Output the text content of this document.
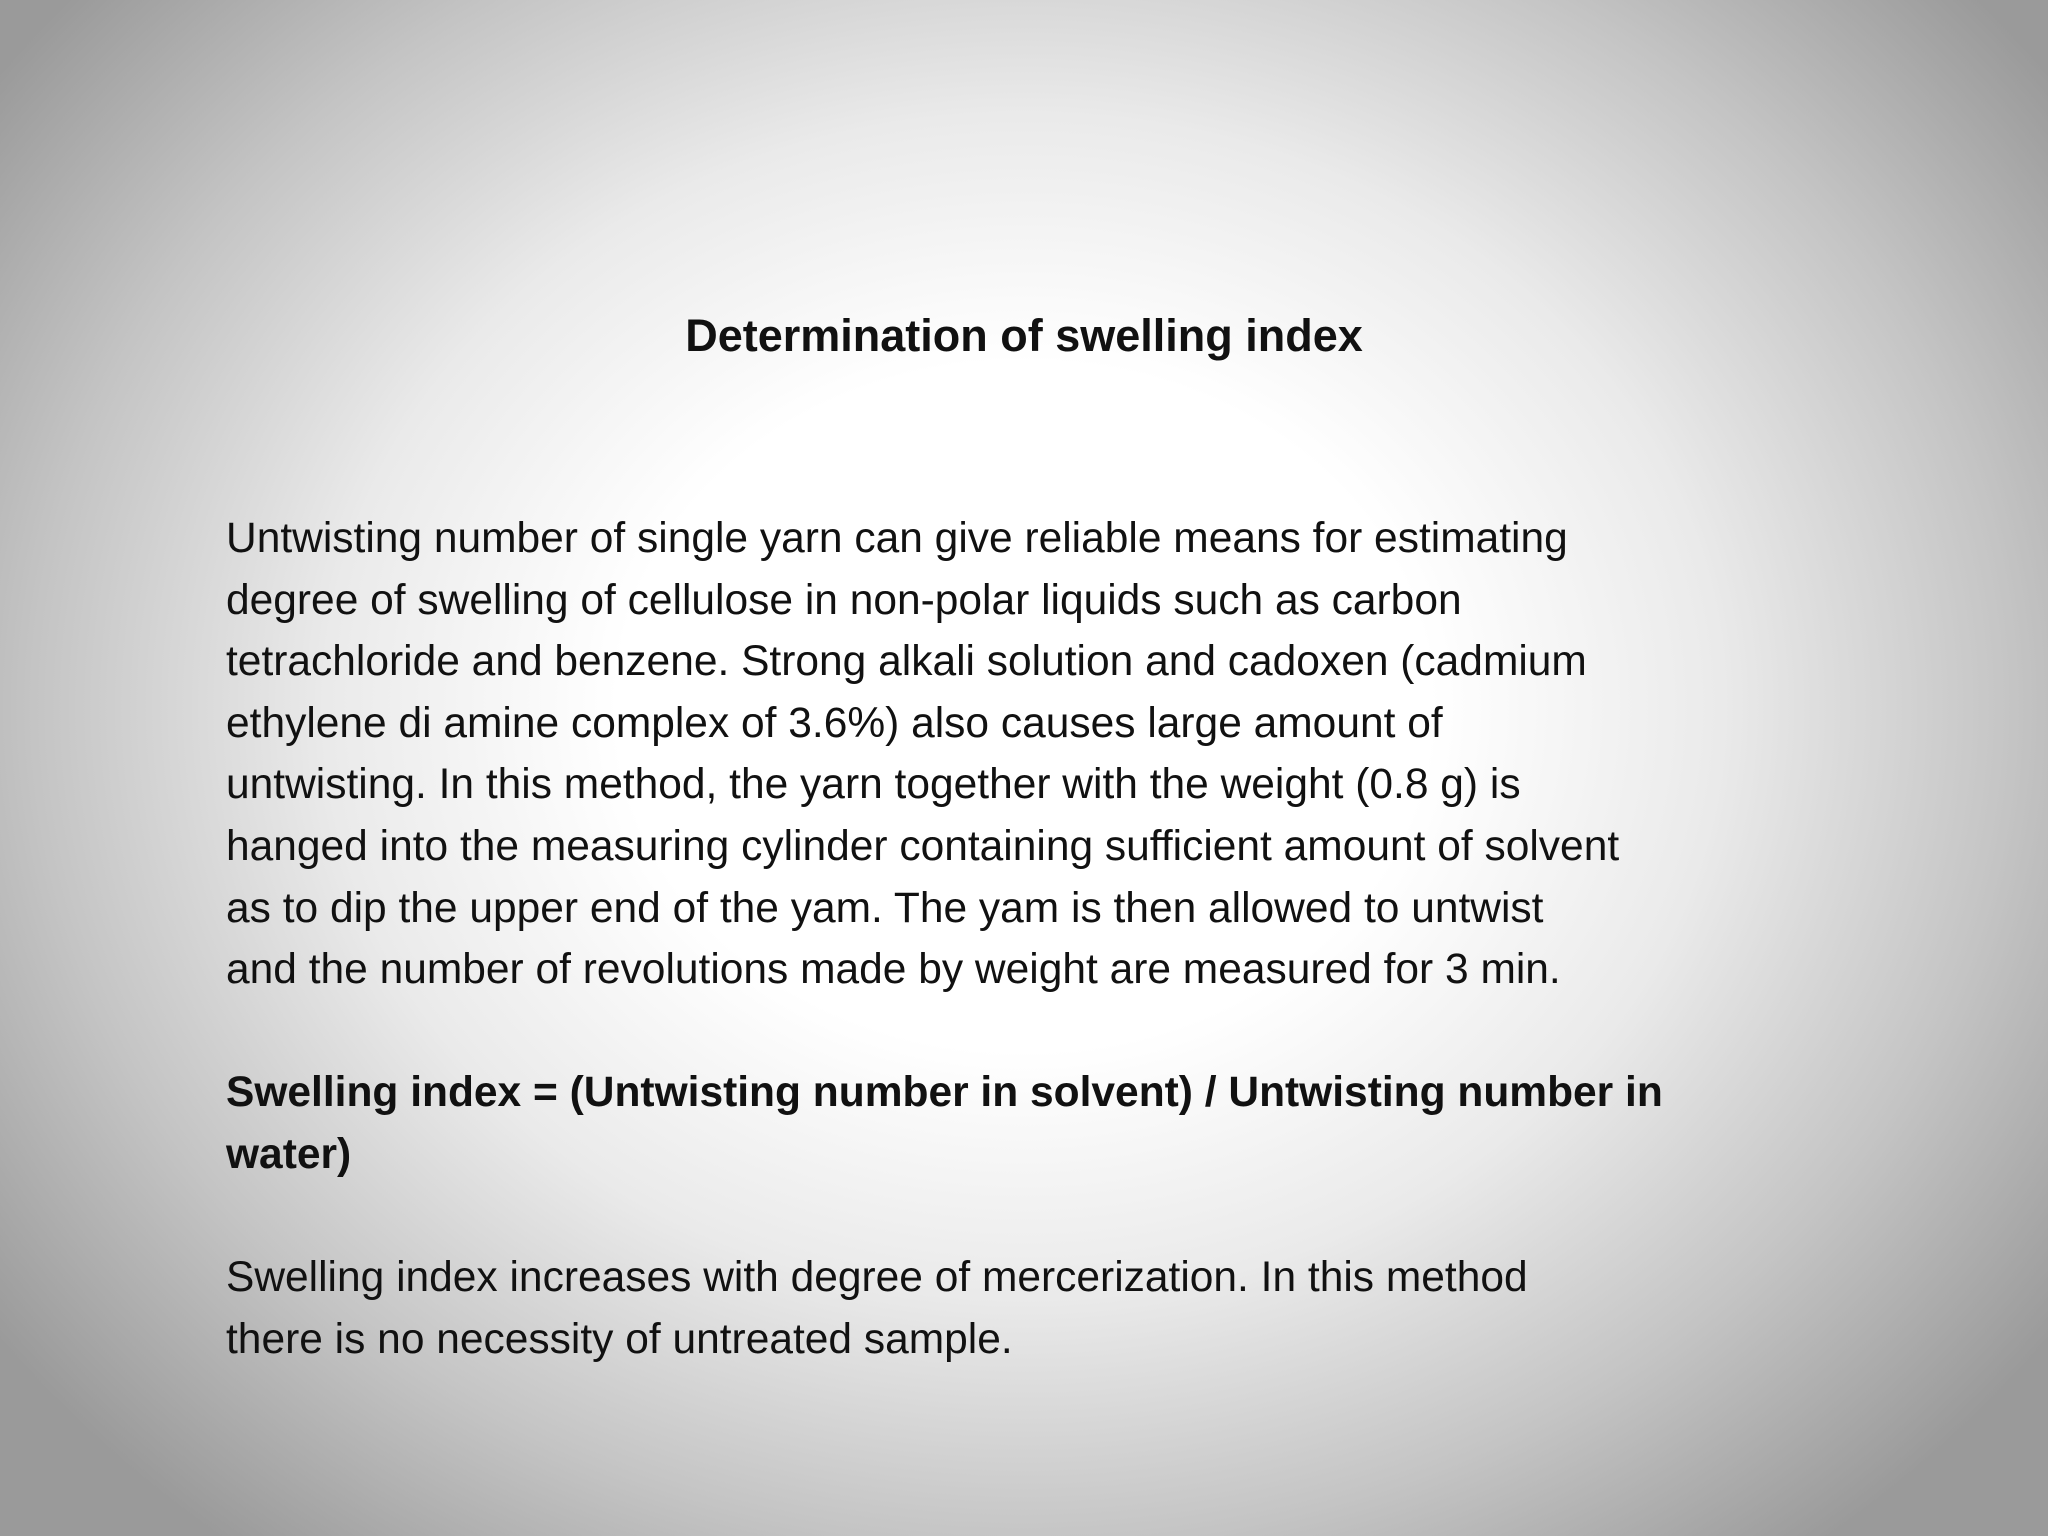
Determination of swelling index

Untwisting number of single yarn can give reliable means for estimating
degree of swelling of cellulose in non-polar liquids such as carbon
tetrachloride and benzene. Strong alkali solution and cadoxen (cadmium
ethylene di amine complex of 3.6%) also causes large amount of
untwisting. In this method, the yarn together with the weight (0.8 g) is
hanged into the measuring cylinder containing sufficient amount of solvent
as to dip the upper end of the yam. The yam is then allowed to untwist
and the number of revolutions made by weight are measured for 3 min.

Swelling index = (Untwisting number in solvent) / Untwisting number in
water)

Swelling index increases with degree of mercerization. In this method
there is no necessity of untreated sample.
